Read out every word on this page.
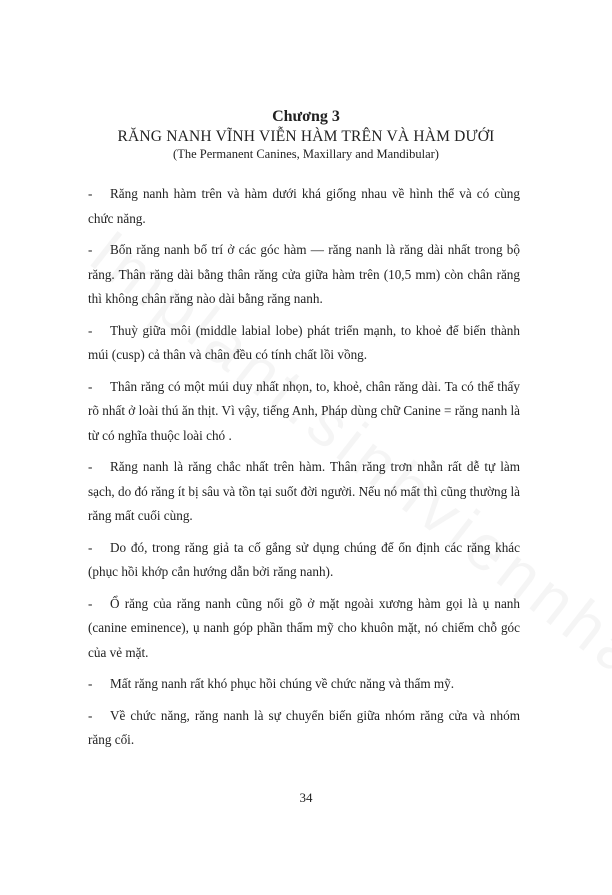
Chương 3
RĂNG NANH VĨNH VIỄN HÀM TRÊN VÀ HÀM DƯỚI
(The Permanent Canines, Maxillary and Mandibular)
-	Răng nanh hàm trên và hàm dưới khá giống nhau về hình thể và có cùng chức năng.
-	Bốn răng nanh bố trí ở các góc hàm — răng nanh là răng dài nhất trong bộ răng. Thân răng dài bằng thân răng cửa giữa hàm trên (10,5 mm) còn chân răng thì không chân răng nào dài bằng răng nanh.
-	Thuỳ giữa môi (middle labial lobe) phát triển mạnh, to khoẻ để biến thành múi (cusp) cả thân và chân đều có tính chất lồi vồng.
-	Thân răng có một múi duy nhất nhọn, to, khoẻ, chân răng dài. Ta có thể thấy rõ nhất ở loài thú ăn thịt. Vì vậy, tiếng Anh, Pháp dùng chữ Canine = răng nanh là từ có nghĩa thuộc loài chó .
-	Răng nanh là răng chắc nhất trên hàm. Thân răng trơn nhẵn rất dễ tự làm sạch, do đó răng ít bị sâu và tồn tại suốt đời người. Nếu nó mất thì cũng thường là răng mất cuối cùng.
-	Do đó, trong răng giả ta cố gắng sử dụng chúng để ổn định các răng khác (phục hồi khớp cắn hướng dẫn bởi răng nanh).
-	Ổ răng của răng nanh cũng nổi gồ ở mặt ngoài xương hàm gọi là ụ nanh (canine eminence), ụ nanh góp phần thẩm mỹ cho khuôn mặt, nó chiếm chỗ góc của vẻ mặt.
-	Mất răng nanh rất khó phục hồi chúng về chức năng và thẩm mỹ.
-	Về chức năng, răng nanh là sự chuyển biến giữa nhóm răng cửa và nhóm răng cối.
34
